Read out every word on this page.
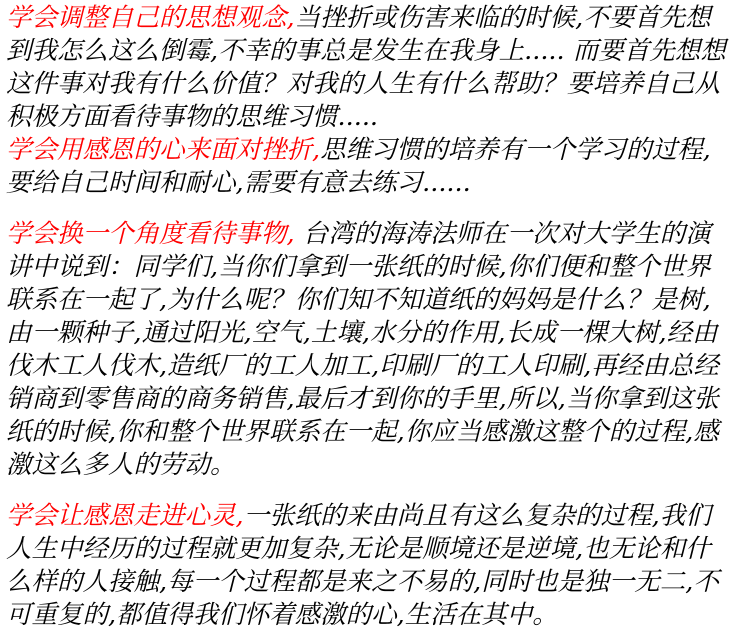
学会调整自己的思想观念,当挫折或伤害来临的时候,不要首先想到我怎么这么倒霉,不幸的事总是发生在我身上..... 而要首先想想这件事对我有什么价值？对我的人生有什么帮助？要培养自己从积极方面看待事物的思维习惯.....

学会用感恩的心来面对挫折,思维习惯的培养有一个学习的过程,要给自己时间和耐心,需要有意去练习......

学会换一个角度看待事物, 台湾的海涛法师在一次对大学生的演讲中说到：同学们,当你们拿到一张纸的时候,你们便和整个世界联系在一起了,为什么呢？你们知不知道纸的妈妈是什么？是树,由一颗种子,通过阳光,空气,土壤,水分的作用,长成一棵大树,经由伐木工人伐木,造纸厂的工人加工,印刷厂的工人印刷,再经由总经销商到零售商的商务销售,最后才到你的手里,所以,当你拿到这张纸的时候,你和整个世界联系在一起,你应当感激这整个的过程,感激这么多人的劳动。

学会让感恩走进心灵,一张纸的来由尚且有这么复杂的过程,我们人生中经历的过程就更加复杂,无论是顺境还是逆境,也无论和什么样的人接触,每一个过程都是来之不易的,同时也是独一无二,不可重复的,都值得我们怀着感激的心,生活在其中。
